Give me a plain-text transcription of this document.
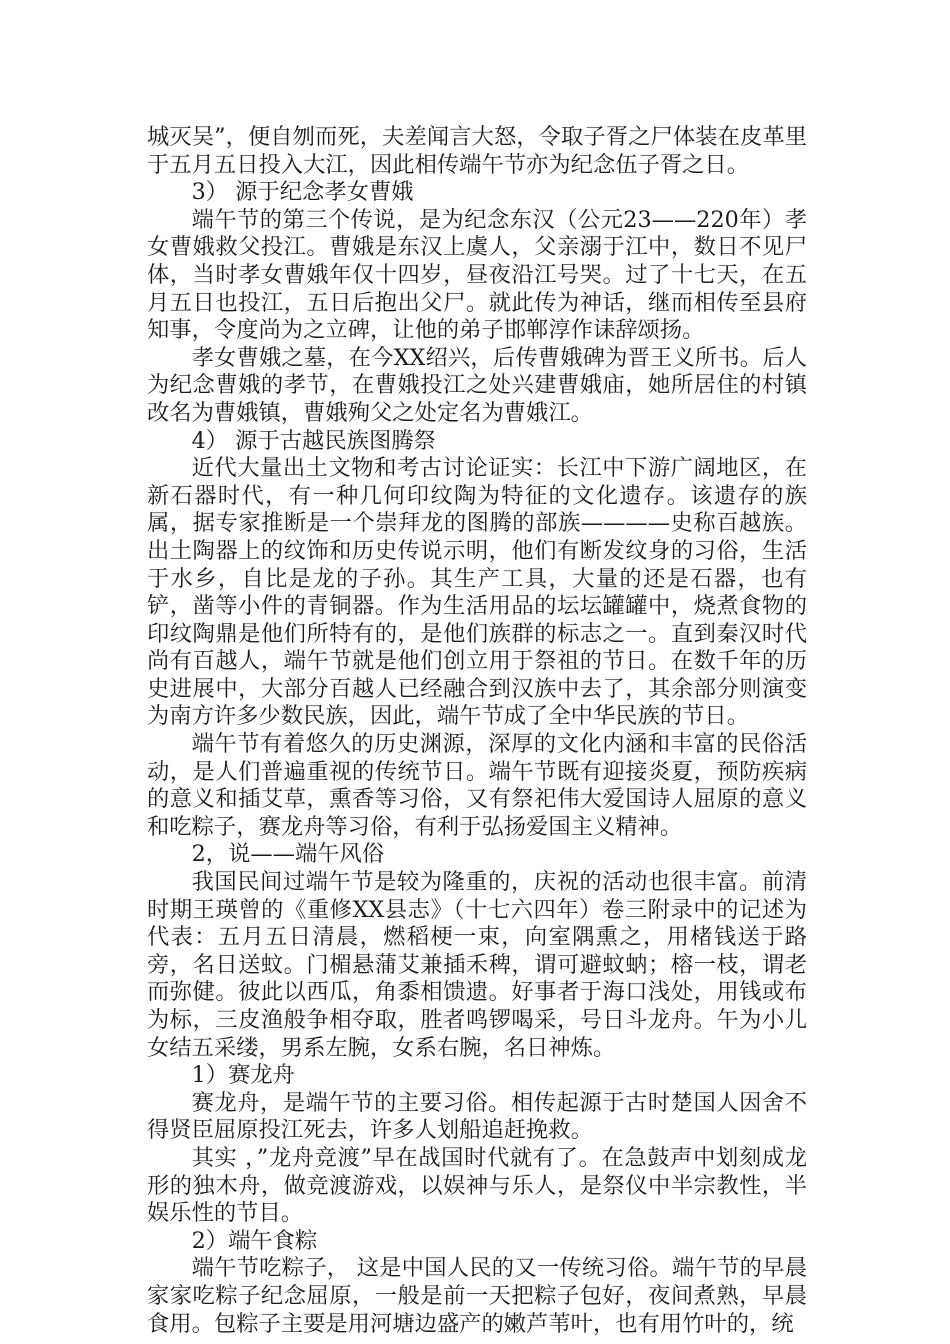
城灭吴”，便自刎而死，夫差闻言大怒，令取子胥之尸体装在皮革里于五月五日投入大江，因此相传端午节亦为纪念伍子胥之日。

3） 源于纪念孝女曹娥

端午节的第三个传说，是为纪念东汉（公元23——220年）孝女曹娥救父投江。曹娥是东汉上虞人，父亲溺于江中，数日不见尸体，当时孝女曹娥年仅十四岁，昼夜沿江号哭。过了十七天，在五月五日也投江，五日后抱出父尸。就此传为神话，继而相传至县府知事，令度尚为之立碑，让他的弟子邯郸淳作诔辞颂扬。

孝女曹娥之墓，在今XX绍兴，后传曹娥碑为晋王义所书。后人为纪念曹娥的孝节，在曹娥投江之处兴建曹娥庙，她所居住的村镇改名为曹娥镇，曹娥殉父之处定名为曹娥江。

4） 源于古越民族图腾祭

近代大量出土文物和考古讨论证实：长江中下游广阔地区，在新石器时代，有一种几何印纹陶为特征的文化遗存。该遗存的族属，据专家推断是一个崇拜龙的图腾的部族————史称百越族。出土陶器上的纹饰和历史传说示明，他们有断发纹身的习俗，生活于水乡，自比是龙的子孙。其生产工具，大量的还是石器，也有铲，凿等小件的青铜器。作为生活用品的坛坛罐罐中，烧煮食物的印纹陶鼎是他们所特有的，是他们族群的标志之一。直到秦汉时代尚有百越人，端午节就是他们创立用于祭祖的节日。在数千年的历史进展中，大部分百越人已经融合到汉族中去了，其余部分则演变为南方许多少数民族，因此，端午节成了全中华民族的节日。

端午节有着悠久的历史渊源，深厚的文化内涵和丰富的民俗活动，是人们普遍重视的传统节日。端午节既有迎接炎夏，预防疾病的意义和插艾草，熏香等习俗，又有祭祀伟大爱国诗人屈原的意义和吃粽子，赛龙舟等习俗，有利于弘扬爱国主义精神。

2，说——端午风俗

我国民间过端午节是较为隆重的，庆祝的活动也很丰富。前清时期王瑛曾的《重修XX县志》（十七六四年）卷三附录中的记述为代表：五月五日清晨，燃稻梗一束，向室隅熏之，用楮钱送于路旁，名日送蚊。门楣悬蒲艾兼插禾稗，谓可避蚊蚋；榕一枝，谓老而弥健。彼此以西瓜，角黍相馈遗。好事者于海口浅处，用钱或布为标，三皮渔般争相夺取，胜者鸣锣喝采，号日斗龙舟。午为小儿女结五采缕，男系左腕，女系右腕，名日神炼。

1）赛龙舟

赛龙舟，是端午节的主要习俗。相传起源于古时楚国人因舍不得贤臣屈原投江死去，许多人划船追赶挽救。

其实 ，”龙舟竞渡”早在战国时代就有了。在急鼓声中划刻成龙形的独木舟，做竞渡游戏，以娱神与乐人，是祭仪中半宗教性，半娱乐性的节目。

2）端午食粽

端午节吃粽子， 这是中国人民的又一传统习俗。端午节的早晨家家吃粽子纪念屈原，一般是前一天把粽子包好，夜间煮熟，早晨食用。包粽子主要是用河塘边盛产的嫩芦苇叶，也有用竹叶的，统
